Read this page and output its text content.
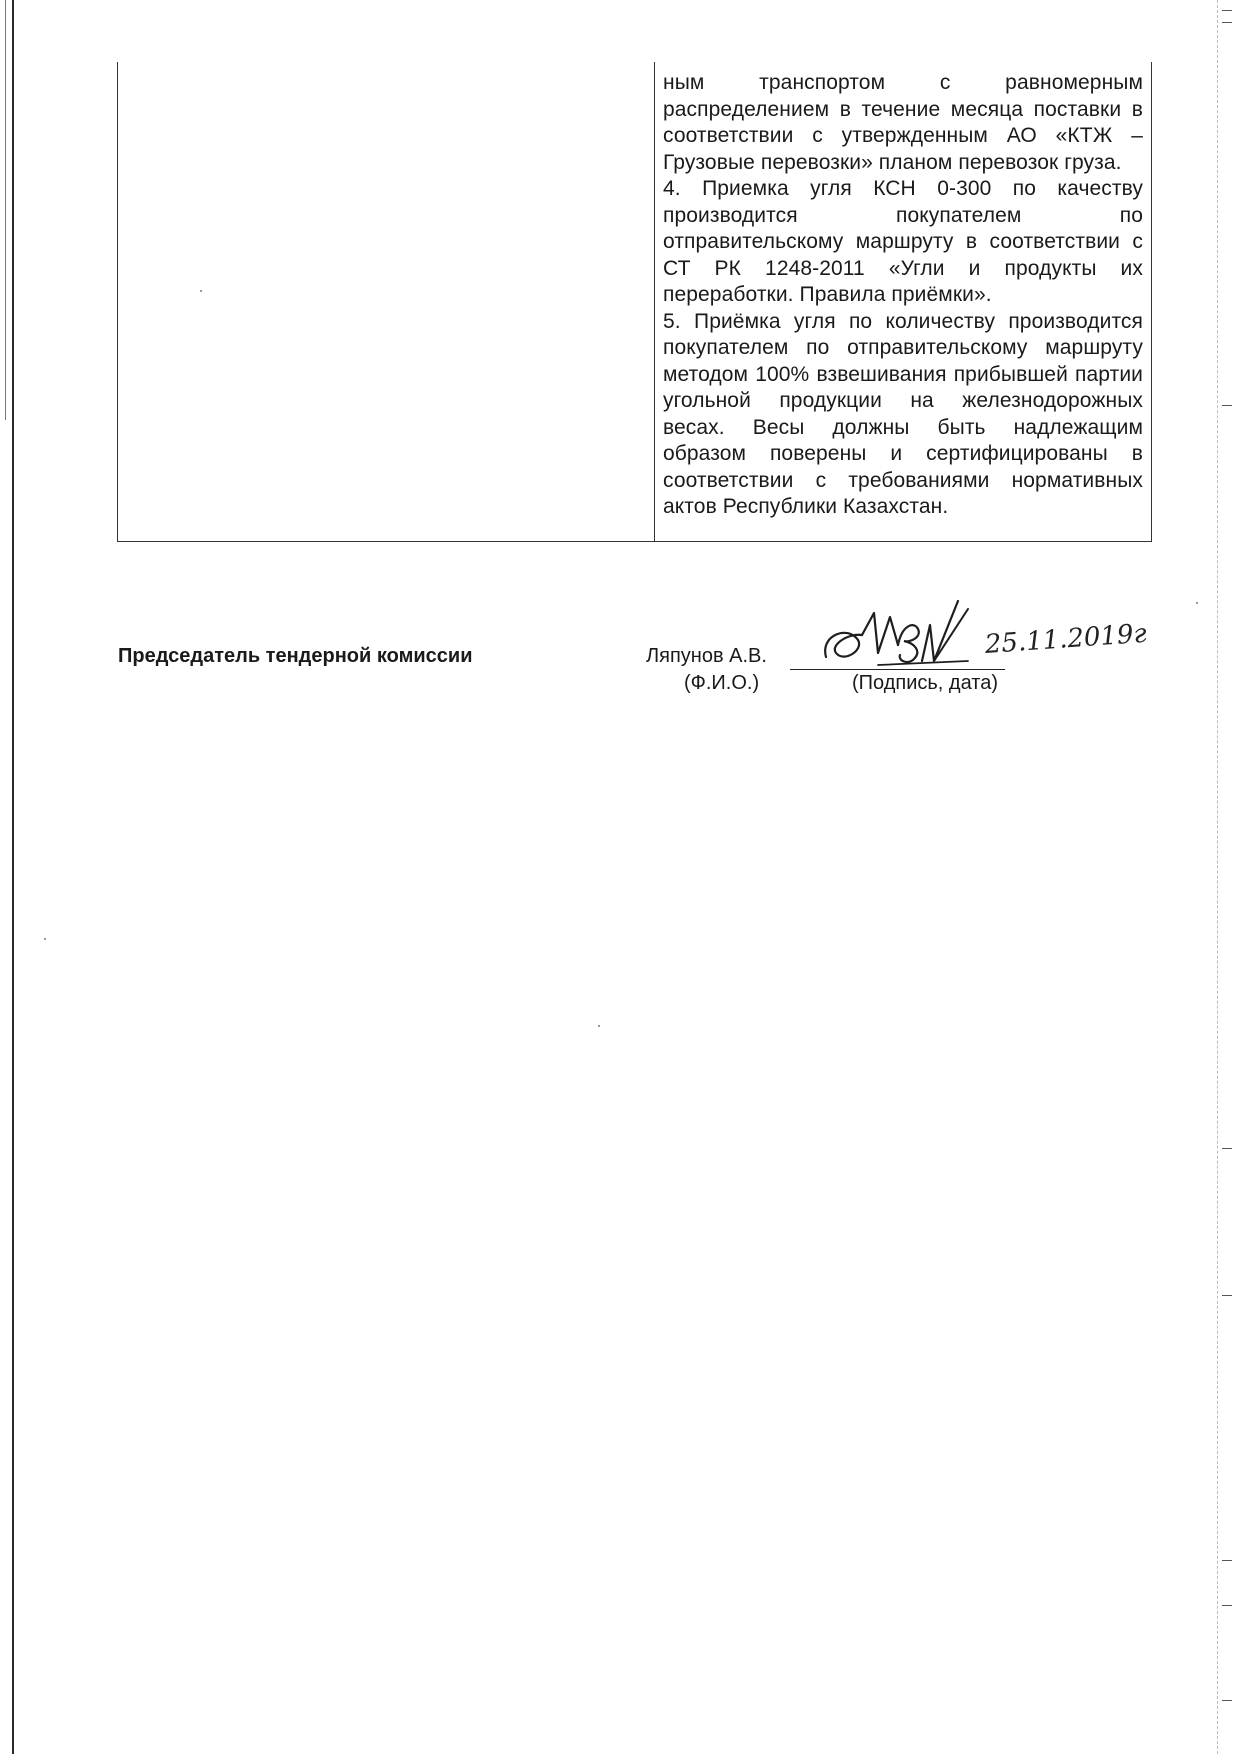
ным транспортом с равномерным распределением в течение месяца поставки в соответствии с утвержденным АО «КТЖ – Грузовые перевозки» планом перевозок груза.

4. Приемка угля КСН 0-300 по качеству производится покупателем по отправительскому маршруту в соответствии с СТ РК 1248-2011 «Угли и продукты их переработки. Правила приёмки».

5. Приёмка угля по количеству производится покупателем по отправительскому маршруту методом 100% взвешивания прибывшей партии угольной продукции на железнодорожных весах. Весы должны быть надлежащим образом поверены и сертифицированы в соответствии с требованиями нормативных актов Республики Казахстан.

Председатель тендерной комиссии	Ляпунов А.В.
(Ф.И.О.)	(Подпись, дата)
25.11.2019г
